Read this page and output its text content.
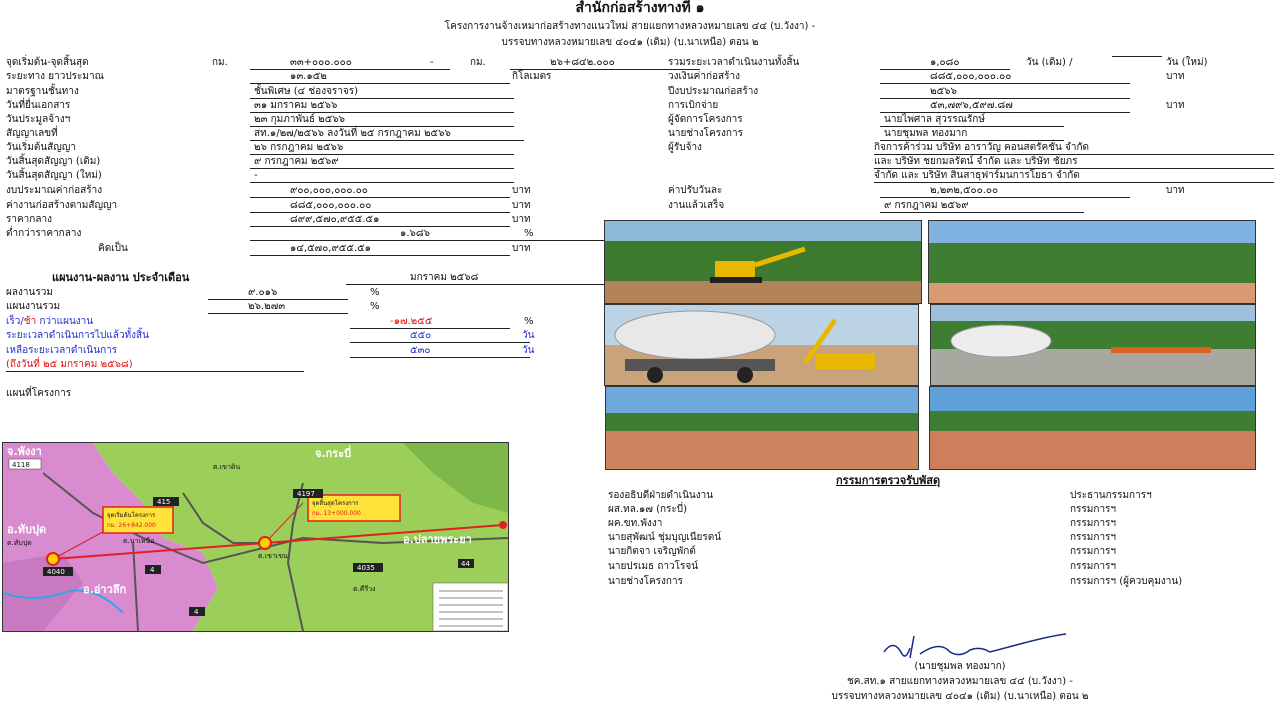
สำนักก่อสร้างทางที่ ๑
โครงการงานจ้างเหมาก่อสร้างทางแนวใหม่ สายแยกทางหลวงหมายเลข ๔๔ (บ.วังงา) -
บรรจบทางหลวงหมายเลข ๔๐๔๑ (เดิม) (บ.นาเหนือ) ตอน ๒
จุดเริ่มต้น-จุดสิ้นสุด	กม.	๓๓+๐๐๐.๐๐๐	-	กม.	๒๖+๘๔๒.๐๐๐
ระยะทาง ยาวประมาณ	๑๓.๑๕๒	กิโลเมตร
มาตรฐานชั้นทาง	ชั้นพิเศษ (๔ ช่องจราจร)
วันที่ยื่นเอกสาร	๓๑ มกราคม ๒๕๖๖
วันประมูลจ้างฯ	๒๓ กุมภาพันธ์ ๒๕๖๖
สัญญาเลขที่	สท.๑/๒๗/๒๕๖๖ ลงวันที่ ๒๕ กรกฎาคม ๒๕๖๖
วันเริ่มต้นสัญญา	๒๖ กรกฎาคม ๒๕๖๖
วันสิ้นสุดสัญญา (เดิม)	๙ กรกฎาคม ๒๕๖๙
วันสิ้นสุดสัญญา (ใหม่)	-
งบประมาณค่าก่อสร้าง	๙๐๐,๐๐๐,๐๐๐.๐๐	บาท
ค่างานก่อสร้างตามสัญญา	๘๘๕,๐๐๐,๐๐๐.๐๐	บาท
ราคากลาง	๘๙๙,๕๗๐,๙๕๕.๕๑	บาท
ต่ำกว่าราคากลาง	๑.๖๘๖	%
คิดเป็น	๑๔,๕๗๐,๙๕๕.๕๑	บาท
รวมระยะเวลาดำเนินงานทั้งสิ้น	๑,๐๘๐	วัน (เดิม) /	วัน (ใหม่)
วงเงินค่าก่อสร้าง	๘๘๕,๐๐๐,๐๐๐.๐๐	บาท
ปีงบประมาณก่อสร้าง	๒๕๖๖
การเบิกจ่าย	๕๓,๗๙๖,๕๙๗.๘๗	บาท
ผู้จัดการโครงการ	นายไพศาล สุวรรณรักษ์
นายช่างโครงการ	นายชุมพล ทองมาก
ผู้รับจ้าง	กิจการค้าร่วม บริษัท อาราวัญ คอนสตรัคชั่น จำกัด
และ บริษัท ชยกมลรัตน์ จำกัด และ บริษัท ชัยภร
จำกัด และ บริษัท สินสาธุฟาร์มนการโยธา จำกัด
ค่าปรับวันละ	๒,๒๓๒,๕๐๐.๐๐	บาท
งานแล้วเสร็จ	๙ กรกฎาคม ๒๕๖๙
แผนงาน-ผลงาน ประจำเดือน	มกราคม ๒๕๖๘
ผลงานรวม	๙.๐๑๖	%
แผนงานรวม	๒๖.๒๗๓	%
เร็ว/ช้า กว่าแผนงาน	-๑๗.๒๕๕	%
ระยะเวลาดำเนินการไปแล้วทั้งสิ้น	๕๕๐	วัน
เหลือระยะเวลาดำเนินการ	๕๓๐	วัน
(ถึงวันที่ ๒๕ มกราคม ๒๕๖๘)
แผนที่โครงการ
จ.พังงา	จ.กระบี่
อ.ทับปุด
อ.อ่าวลึก
อ.ปลายพระยา
ต.เขาเขน
ต.นาเหนือ
ต.ทับปุด
ต.คีรีวง
ต.เขาดิน
จุดเริ่มต้นโครงการ
กม. 26+842.000
จุดสิ้นสุดโครงการ
กม. 13+000.000
4118
415
4197
4040	4	4035	44
4
กรรมการตรวจรับพัสดุ
รองอธิบดีฝ่ายดำเนินงาน	ประธานกรรมการฯ
ผส.ทล.๑๗ (กระบี่)	กรรมการฯ
ผค.ขท.พังงา	กรรมการฯ
นายสุพัฒน์ ชุ่มบุญเนียรตน์	กรรมการฯ
นายกิตจา เจริญพักต์	กรรมการฯ
นายปรเมธ ถาวโรจน์	กรรมการฯ
นายช่างโครงการ	กรรมการฯ (ผู้ควบคุมงาน)
(นายชุมพล ทองมาก)
ชค.สท.๑ สายแยกทางหลวงหมายเลข ๔๔ (บ.วังงา) -
บรรจบทางหลวงหมายเลข ๔๐๔๑ (เดิม) (บ.นาเหนือ) ตอน ๒
